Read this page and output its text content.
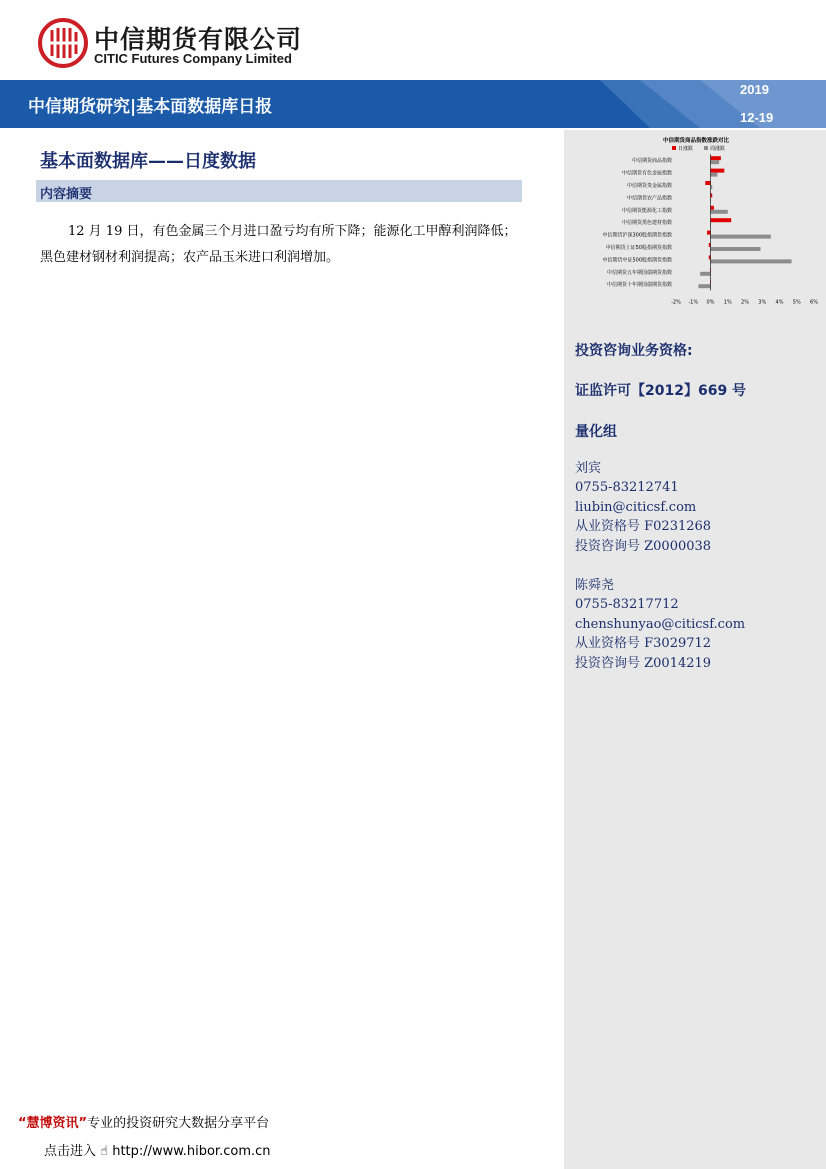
中信期货有限公司
CITIC Futures Company Limited
中信期货研究|基本面数据库日报
2019
12-19
基本面数据库——日度数据
内容摘要
12 月 19 日，有色金属三个月进口盈亏均有所下降；能源化工甲醇利润降低；黑色建材钢材利润提高；农产品玉米进口利润增加。
中信期货商品指数涨跌对比
日涨跌	周涨跌
中信期货商品指数
中信期货有色金属指数
中信期货贵金属指数
中信期货农产品指数
中信期货能源化工指数
中信期货黑色建材指数
中信期货沪深300股指期货指数
中信期货上证50股指期货指数
中信期货中证500股指期货指数
中信期货五年期国债期货指数
中信期货十年期国债期货指数
-2% -1% 0% 1% 2% 3% 4% 5% 6%
投资咨询业务资格:
证监许可【2012】669 号
量化组
刘宾
0755-83212741
liubin@citicsf.com
从业资格号 F0231268
投资咨询号 Z0000038
陈舜尧
0755-83217712
chenshunyao@citicsf.com
从业资格号 F3029712
投资咨询号 Z0014219
“慧博资讯”专业的投资研究大数据分享平台
点击进入 ☝ http://www.hibor.com.cn
